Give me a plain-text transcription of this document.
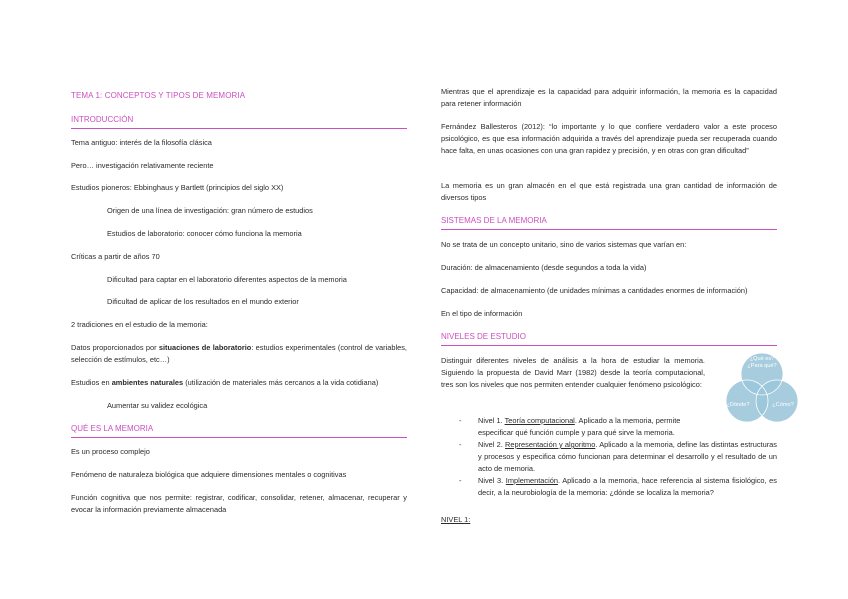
TEMA 1: CONCEPTOS Y TIPOS DE MEMORIA
INTRODUCCIÓN
Tema antiguo: interés de la filosofía clásica
Pero… investigación relativamente reciente
Estudios pioneros: Ebbinghaus y Bartlett (principios del siglo XX)
Origen de una línea de investigación: gran número de estudios
Estudios de laboratorio: conocer cómo funciona la memoria
Críticas a partir de años 70
Dificultad para captar en el laboratorio diferentes aspectos de la memoria
Dificultad de aplicar de los resultados en el mundo exterior
2 tradiciones en el estudio de la memoria:
Datos proporcionados por situaciones de laboratorio: estudios experimentales (control de variables, selección de estímulos, etc…)
Estudios en ambientes naturales (utilización de materiales más cercanos a la vida cotidiana)
Aumentar su validez ecológica
QUÉ ES LA MEMORIA
Es un proceso complejo
Fenómeno de naturaleza biológica que adquiere dimensiones mentales o cognitivas
Función cognitiva que nos permite: registrar, codificar, consolidar, retener, almacenar, recuperar y evocar la información previamente almacenada
Mientras que el aprendizaje es la capacidad para adquirir información, la memoria es la capacidad para retener información
Fernández Ballesteros (2012): “lo importante y lo que confiere verdadero valor a este proceso psicológico, es que esa información adquirida a través del aprendizaje pueda ser recuperada cuando hace falta, en unas ocasiones con una gran rapidez y precisión, y en otras con gran dificultad”
La memoria es un gran almacén en el que está registrada una gran cantidad de información de diversos tipos
SISTEMAS DE LA MEMORIA
No se trata de un concepto unitario, sino de varios sistemas que varían en:
Duración: de almacenamiento (desde segundos a toda la vida)
Capacidad: de almacenamiento (de unidades mínimas a cantidades enormes de información)
En el tipo de información
NIVELES DE ESTUDIO
Distinguir diferentes niveles de análisis a la hora de estudiar la memoria. Siguiendo la propuesta de David Marr (1982) desde la teoría computacional, tres son los niveles que nos permiten entender cualquier fenómeno psicológico:
- Nivel 1. Teoría computacional. Aplicado a la memoria, permite especificar qué función cumple y para qué sirve la memoria.
- Nivel 2. Representación y algoritmo. Aplicado a la memoria, define las distintas estructuras y procesos y especifica cómo funcionan para determinar el desarrollo y el resultado de un acto de memoria.
- Nivel 3. Implementación. Aplicado a la memoria, hace referencia al sistema fisiológico, es decir, a la neurobiología de la memoria: ¿dónde se localiza la memoria?
NIVEL 1:
¿Qué es? ¿Para qué?
¿Dónde?	¿Cómo?
